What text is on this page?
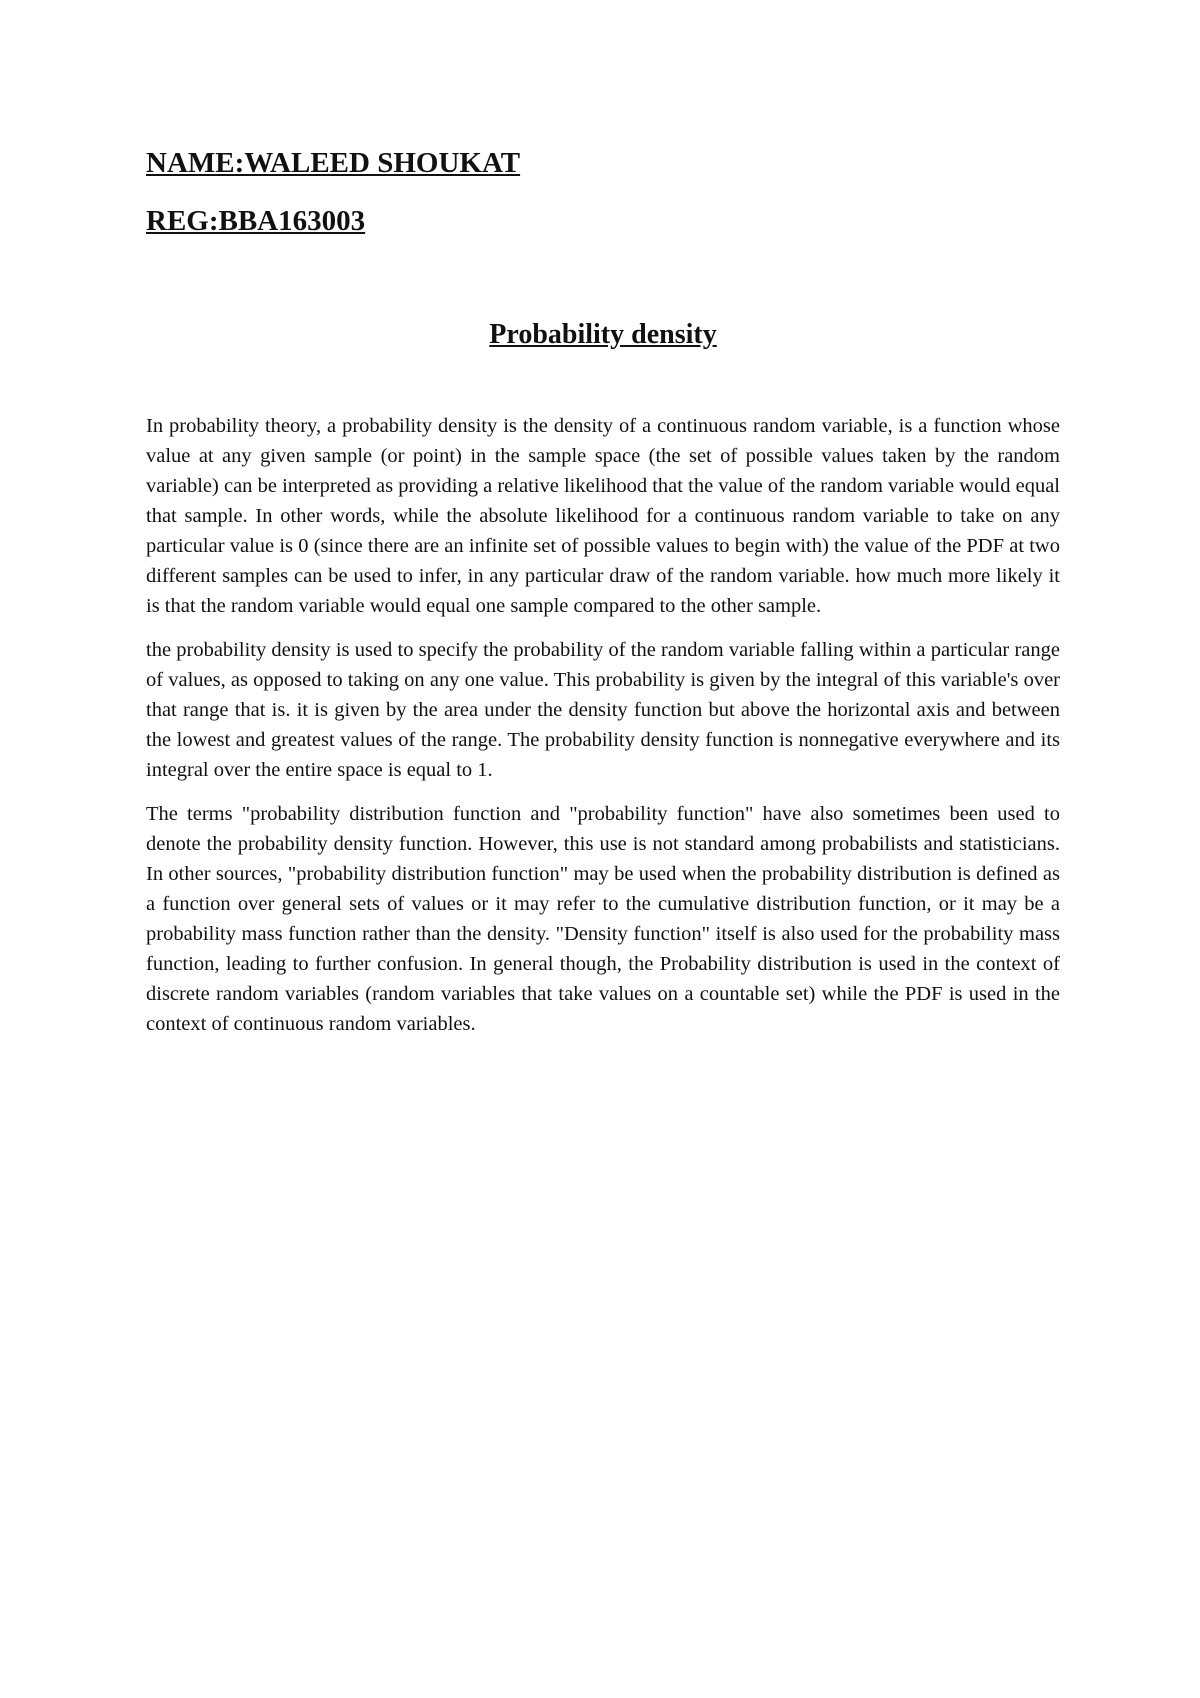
NAME:WALEED SHOUKAT

REG:BBA163003

Probability density

In probability theory, a probability density is the density of a continuous random variable, is a function whose value at any given sample (or point) in the sample space (the set of possible values taken by the random variable) can be interpreted as providing a relative likelihood that the value of the random variable would equal that sample. In other words, while the absolute likelihood for a continuous random variable to take on any particular value is 0 (since there are an infinite set of possible values to begin with) the value of the PDF at two different samples can be used to infer, in any particular draw of the random variable. how much more likely it is that the random variable would equal one sample compared to the other sample.

the probability density is used to specify the probability of the random variable falling within a particular range of values, as opposed to taking on any one value. This probability is given by the integral of this variable's over that range that is. it is given by the area under the density function but above the horizontal axis and between the lowest and greatest values of the range. The probability density function is nonnegative everywhere and its integral over the entire space is equal to 1.

The terms "probability distribution function and "probability function" have also sometimes been used to denote the probability density function. However, this use is not standard among probabilists and statisticians. In other sources, "probability distribution function" may be used when the probability distribution is defined as a function over general sets of values or it may refer to the cumulative distribution function, or it may be a probability mass function rather than the density. "Density function" itself is also used for the probability mass function, leading to further confusion. In general though, the Probability distribution is used in the context of discrete random variables (random variables that take values on a countable set) while the PDF is used in the context of continuous random variables.
